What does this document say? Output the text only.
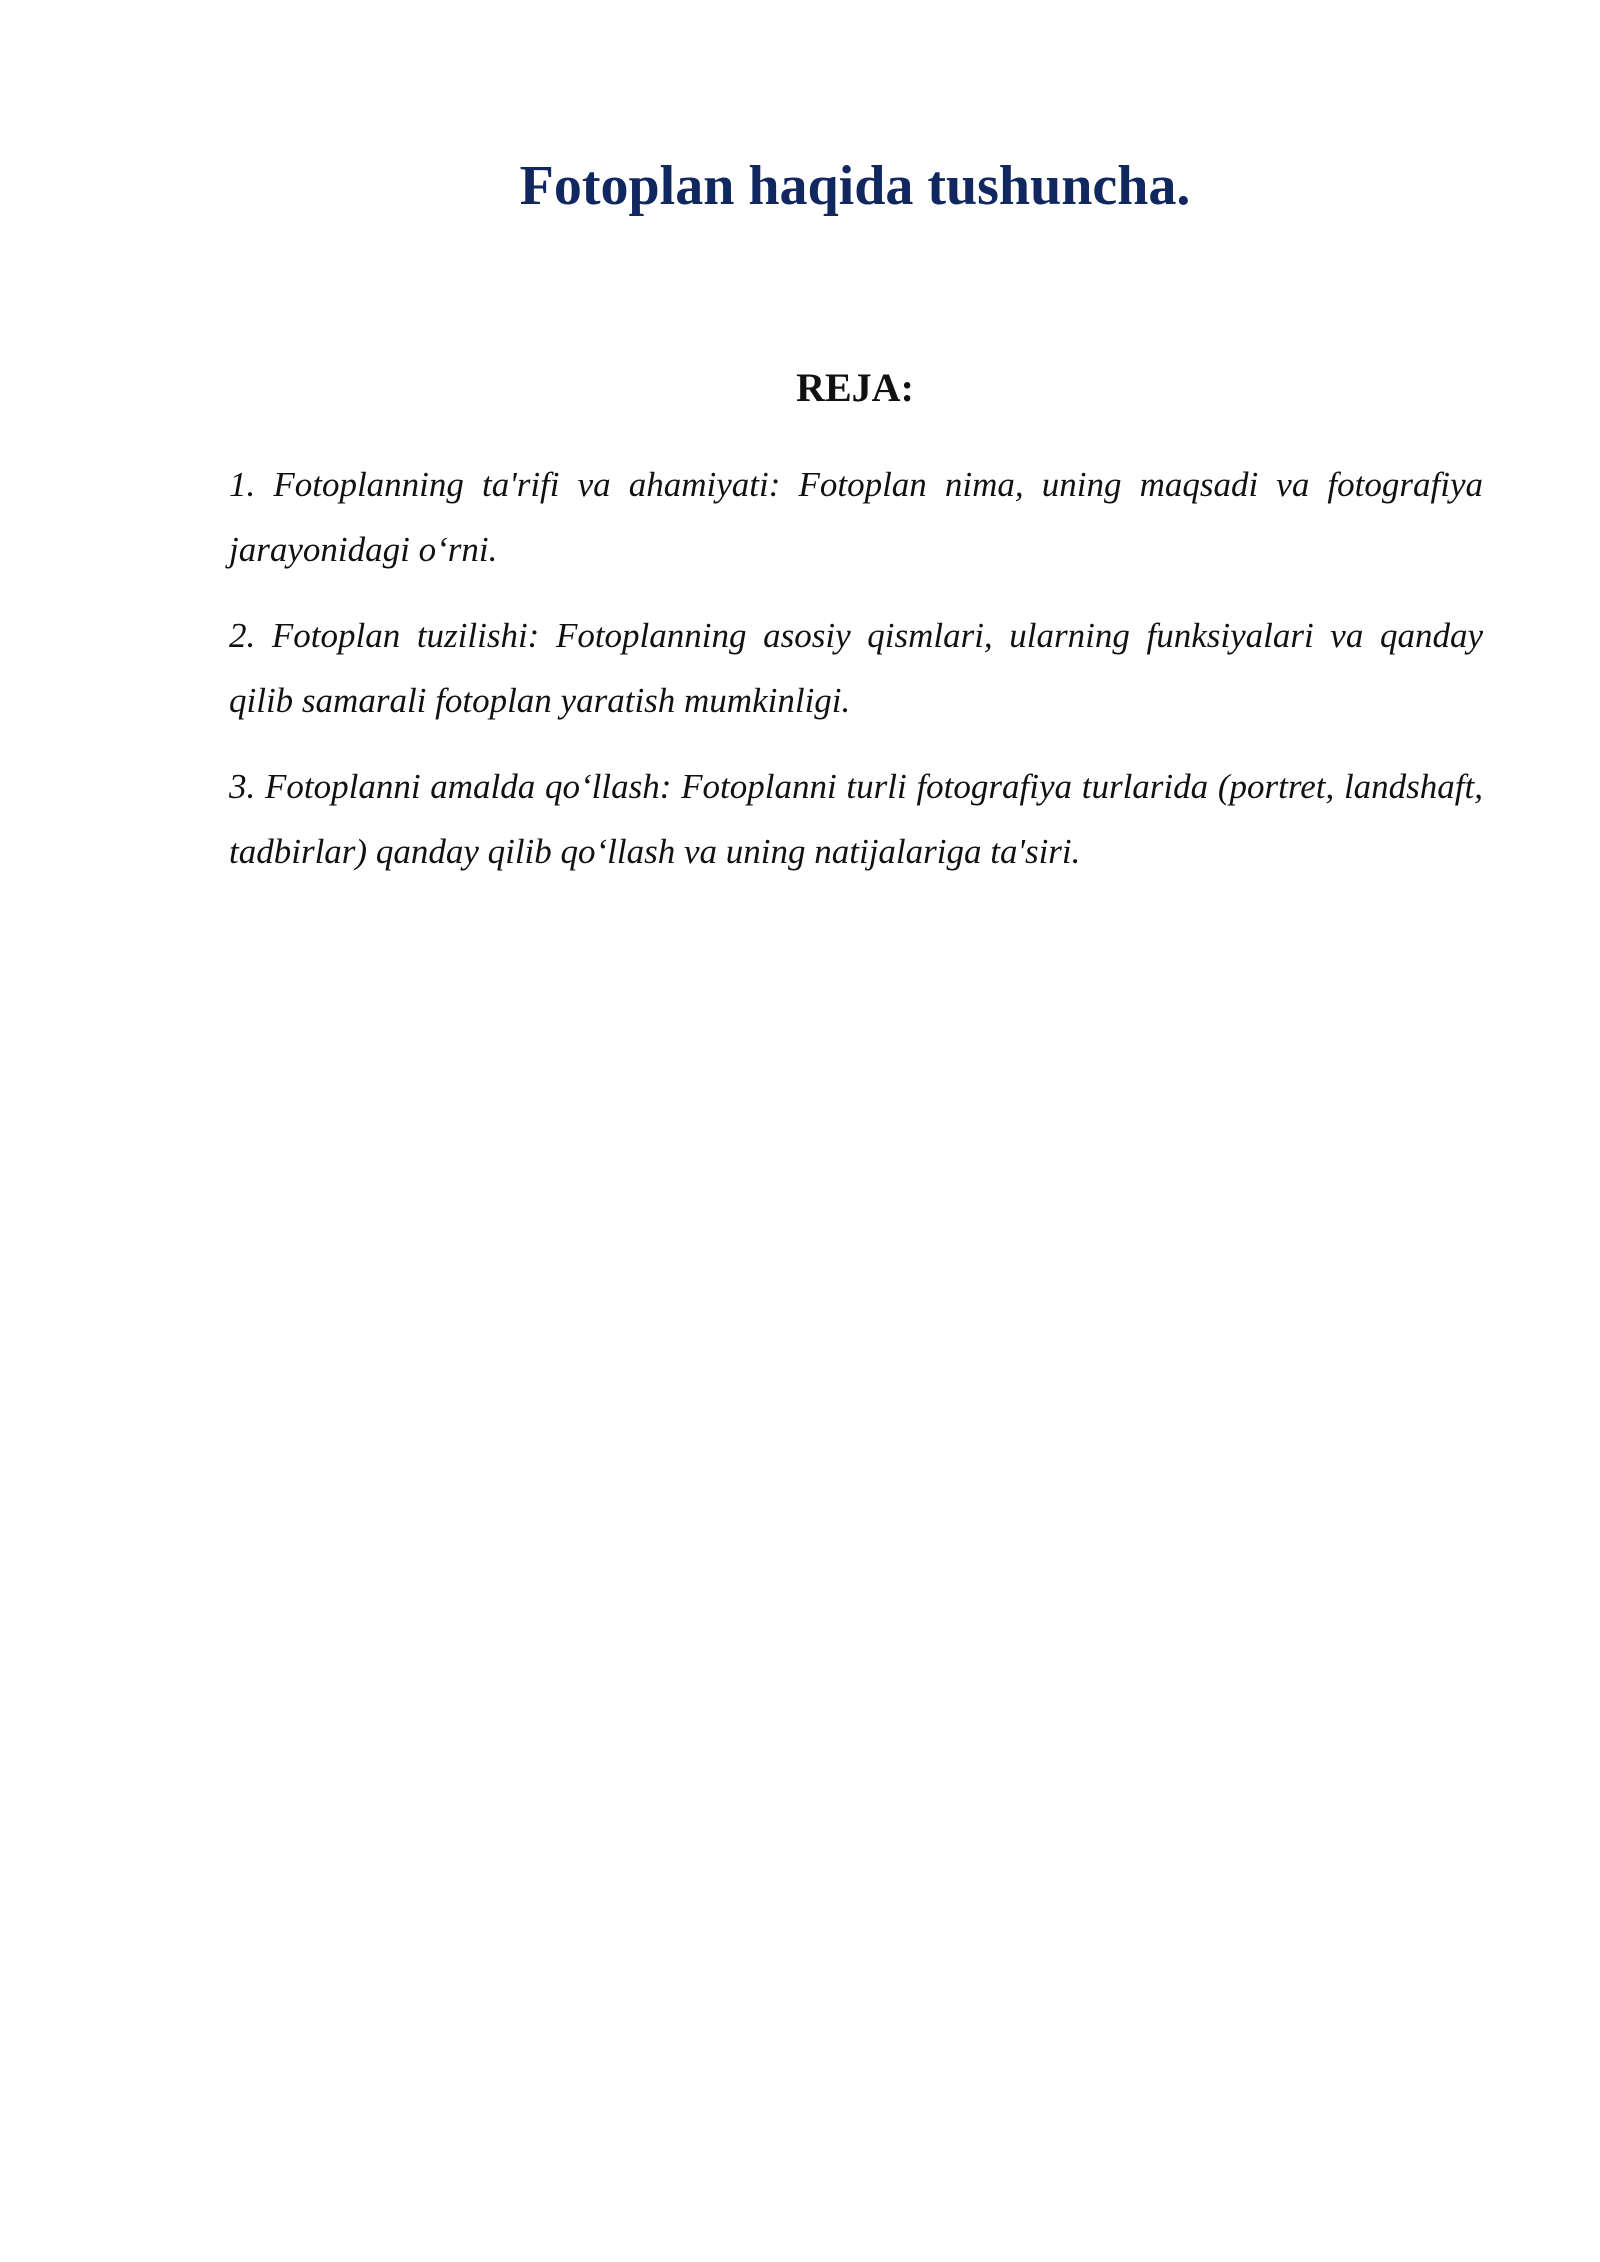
Fotoplan haqida tushuncha.
REJA:

1. Fotoplanning ta'rifi va ahamiyati: Fotoplan nima, uning maqsadi va fotografiya jarayonidagi o‘rni.

2. Fotoplan tuzilishi: Fotoplanning asosiy qismlari, ularning funksiyalari va qanday qilib samarali fotoplan yaratish mumkinligi.

3. Fotoplanni amalda qo‘llash: Fotoplanni turli fotografiya turlarida (portret, landshaft, tadbirlar) qanday qilib qo‘llash va uning natijalariga ta'siri.
